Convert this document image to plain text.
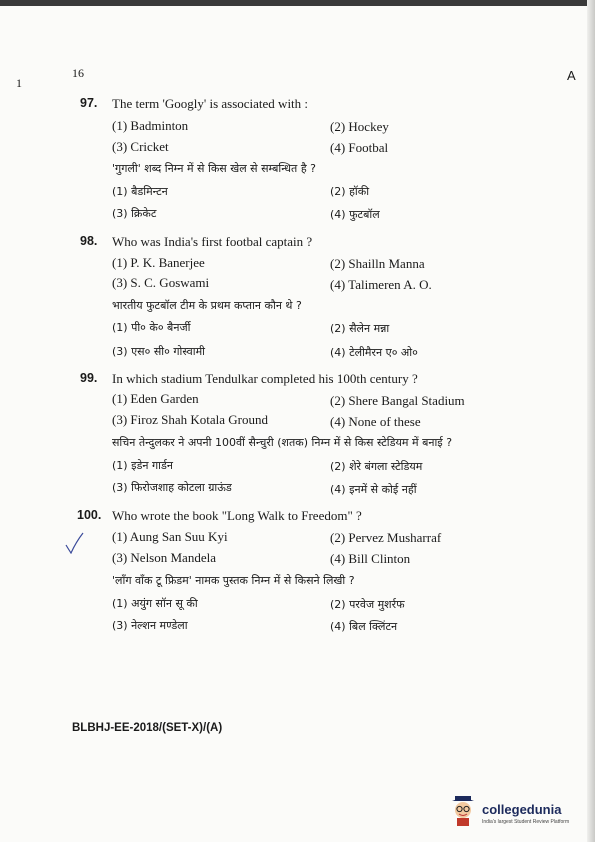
1
16	A
97. The term 'Googly' is associated with :
(1) Badminton	(2) Hockey
(3) Cricket	(4) Footbal
'गुगली' शब्द निम्न में से किस खेल से सम्बन्धित है ?
(1) बैडमिन्टन	(2) हॉकी
(3) क्रिकेट	(4) फुटबॉल
98. Who was India's first footbal captain ?
(1) P. K. Banerjee	(2) Shailln Manna
(3) S. C. Goswami	(4) Talimeren A. O.
भारतीय फुटबॉल टीम के प्रथम कप्तान कौन थे ?
(1) पी० के० बैनर्जी	(2) सैलेन मन्ना
(3) एस० सी० गोस्वामी	(4) टेलीमैरन ए० ओ०
99. In which stadium Tendulkar completed his 100th century ?
(1) Eden Garden	(2) Shere Bangal Stadium
(3) Firoz Shah Kotala Ground	(4) None of these
सचिन तेन्दुलकर ने अपनी 100वीं सैन्चुरी (शतक) निम्न में से किस स्टेडियम में बनाई ?
(1) इडेन गार्डन	(2) शेरे बंगला स्टेडियम
(3) फिरोजशाह कोटला ग्राऊंड	(4) इनमें से कोई नहीं
100. Who wrote the book "Long Walk to Freedom" ?
(1) Aung San Suu Kyi	(2) Pervez Musharraf
(3) Nelson Mandela	(4) Bill Clinton
'लॉंग वॉंक टू फ्रिडम' नामक पुस्तक निम्न में से किसने लिखी ?
(1) अयुंग सॉन सू की	(2) परवेज मुशर्रफ
(3) नेल्शन मण्डेला	(4) बिल क्लिंटन
BLBHJ-EE-2018/(SET-X)/(A)
collegedunia
India's largest Student Review Platform
